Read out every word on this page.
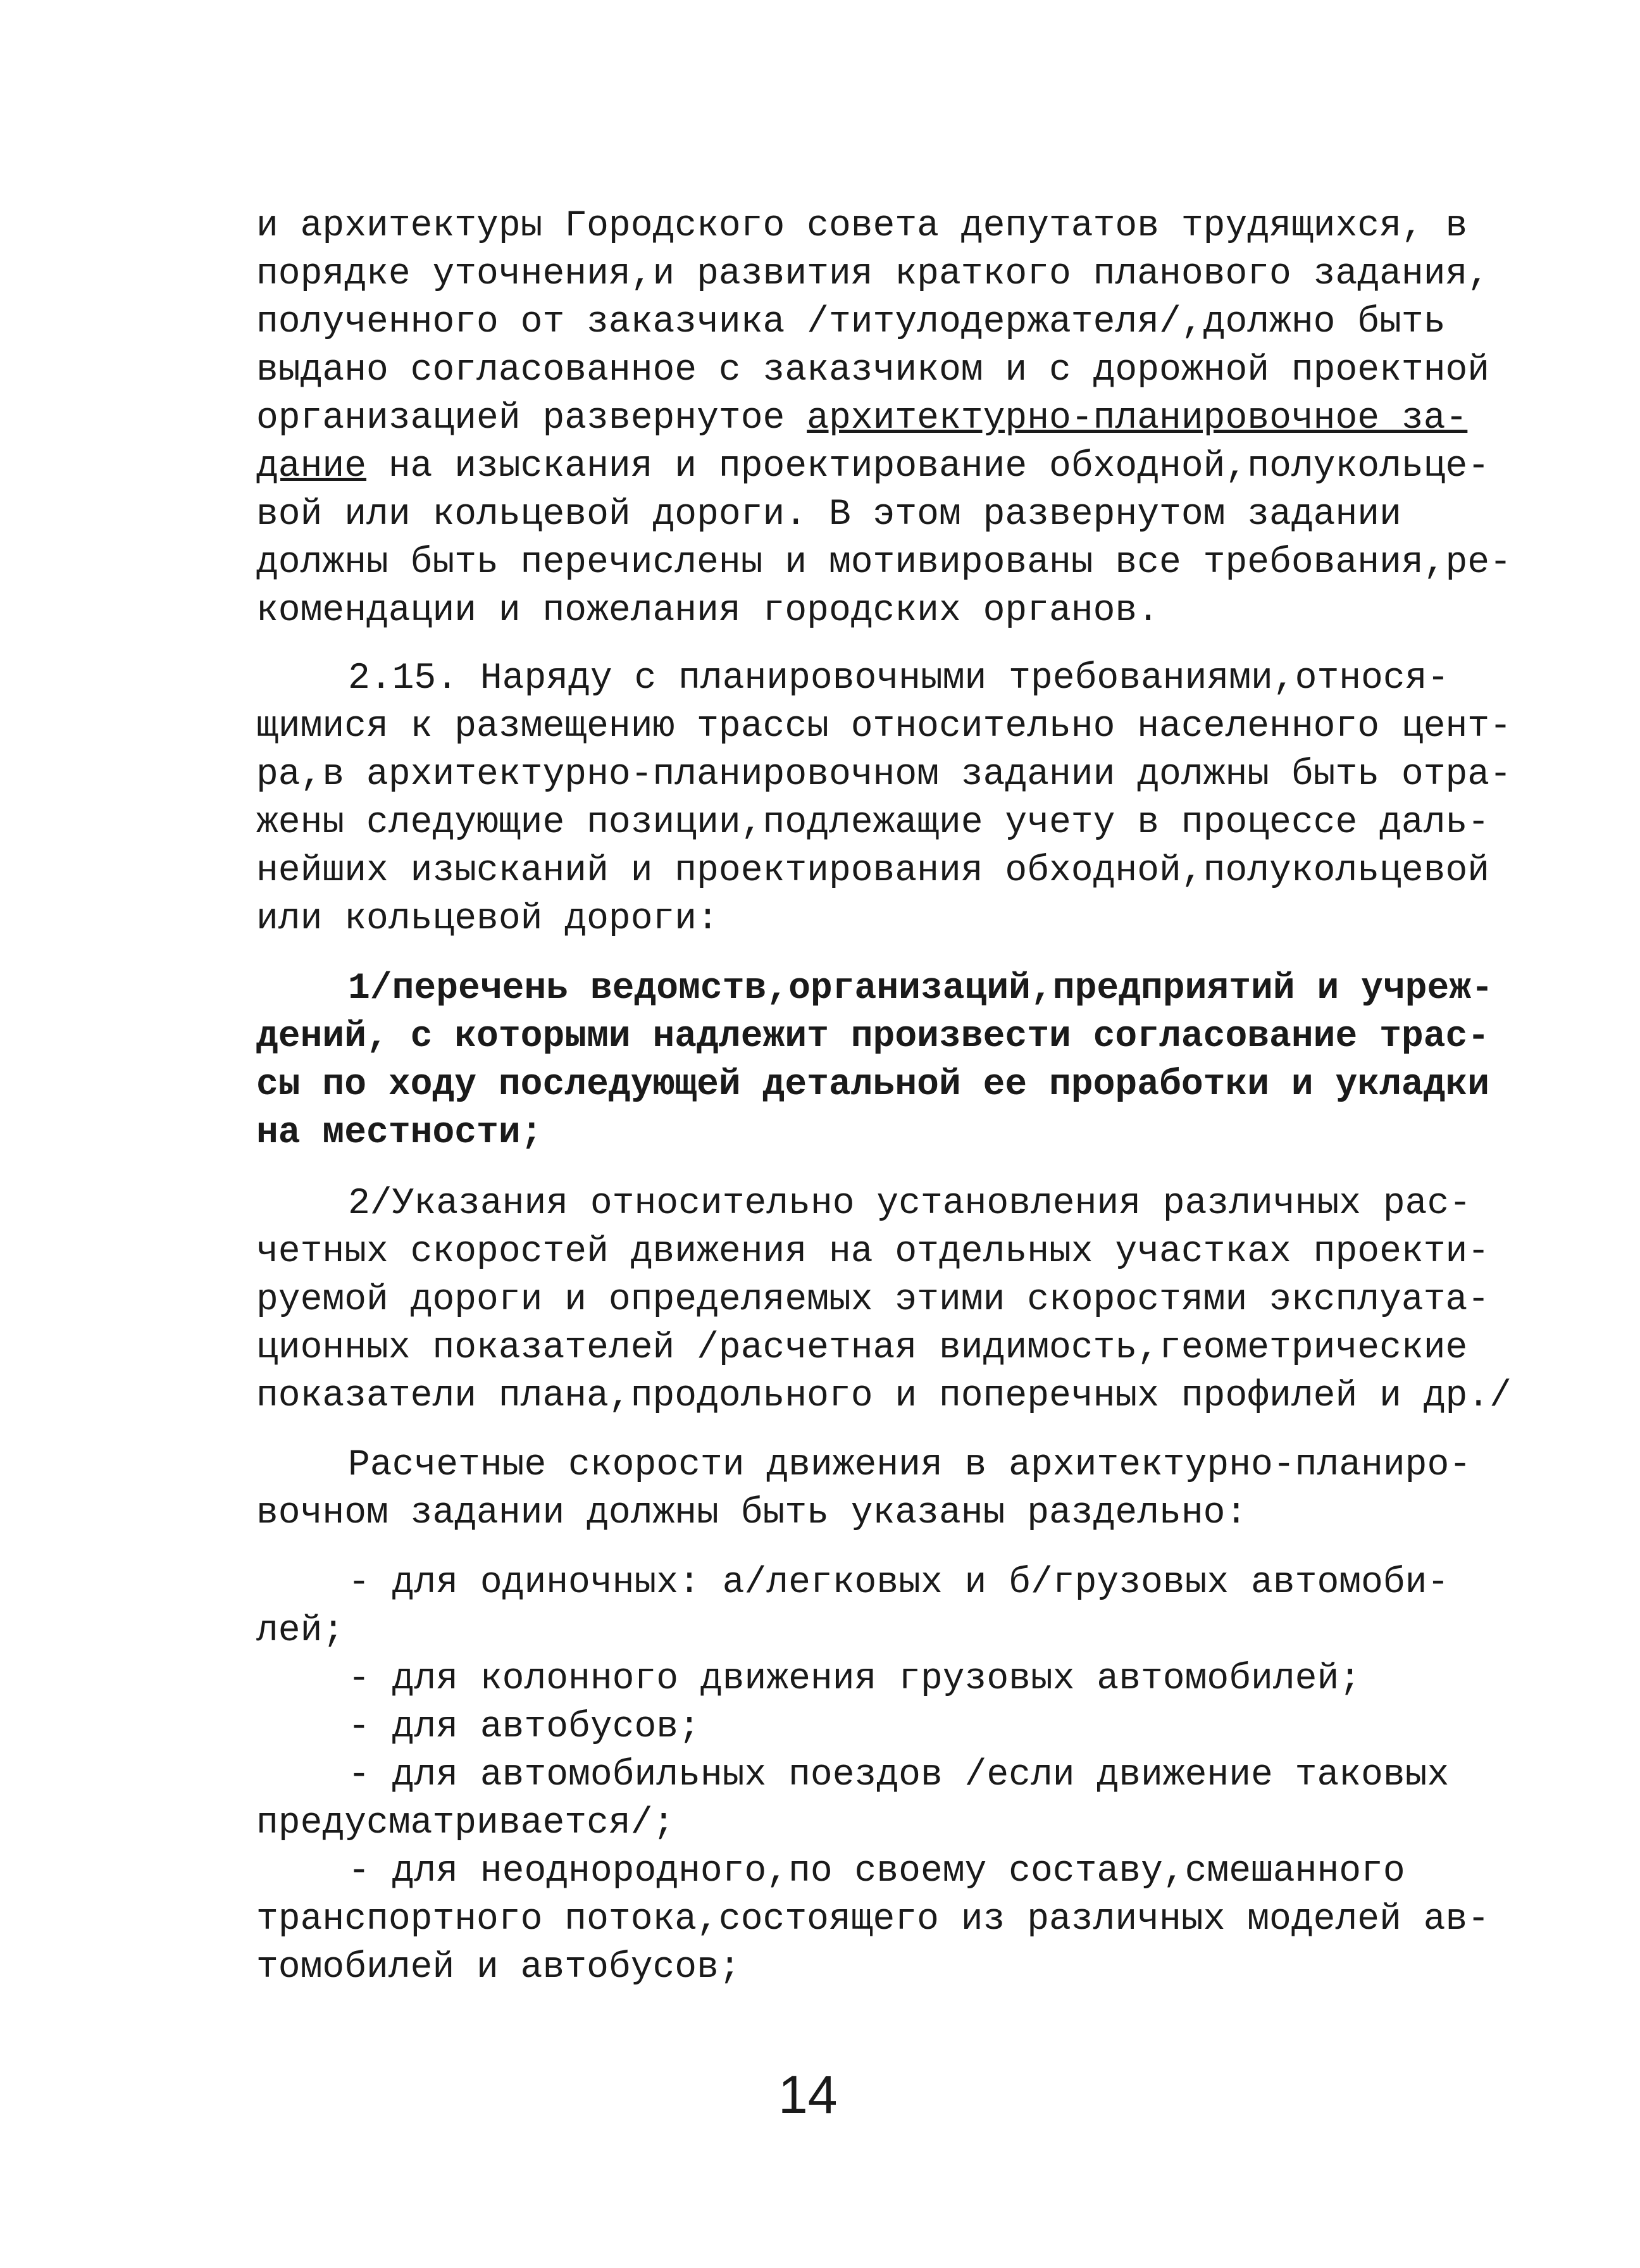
и архитектуры Городского совета депутатов трудящихся, в
порядке уточнения,и развития краткого планового задания,
полученного от заказчика /титулодержателя/,должно быть
выдано согласованное с заказчиком и с дорожной проектной
организацией развернутое архитектурно-планировочное за-
дание на изыскания и проектирование обходной,полукольце-
вой или кольцевой дороги. В этом развернутом задании
должны быть перечислены и мотивированы все требования,ре-
комендации и пожелания городских органов.
2.15. Наряду с планировочными требованиями,относя-
щимися к размещению трассы относительно населенного цент-
ра,в архитектурно-планировочном задании должны быть отра-
жены следующие позиции,подлежащие учету в процессе даль-
нейших изысканий и проектирования обходной,полукольцевой
или кольцевой дороги:
1/перечень ведомств,организаций,предприятий и учреж-
дений, с которыми надлежит произвести согласование трас-
сы по ходу последующей детальной ее проработки и укладки
на местности;
2/Указания относительно установления различных рас-
четных скоростей движения на отдельных участках проекти-
руемой дороги и определяемых этими скоростями эксплуата-
ционных показателей /расчетная видимость,геометрические
показатели плана,продольного и поперечных профилей и др./
Расчетные скорости движения в архитектурно-планиро-
вочном задании должны быть указаны раздельно:
- для одиночных: а/легковых и б/грузовых автомоби-
лей;
- для колонного движения грузовых автомобилей;
- для автобусов;
- для автомобильных поездов /если движение таковых
предусматривается/;
- для неоднородного,по своему составу,смешанного
транспортного потока,состоящего из различных моделей ав-
томобилей и автобусов;
14
